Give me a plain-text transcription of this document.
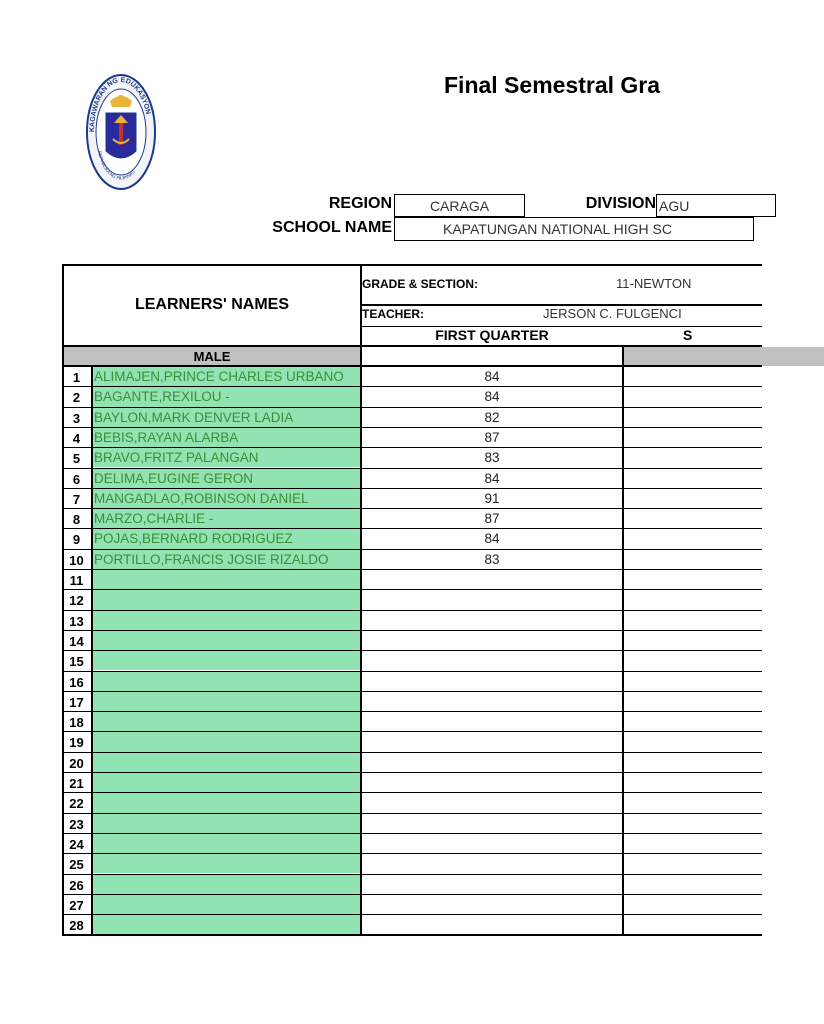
KAGAWARAN NG EDUKASYON
REPUBLIKA NG PILIPINAS
Final Semestral Gra
REGION	CARAGA	DIVISION AGU
SCHOOL NAME	KAPATUNGAN NATIONAL HIGH SC
LEARNERS' NAMES
GRADE & SECTION:	11-NEWTON
TEACHER:	JERSON C. FULGENCI
FIRST QUARTER	S
MALE
1	ALIMAJEN,PRINCE CHARLES URBANO	84
2	BAGANTE,REXILOU -	84
3	BAYLON,MARK DENVER LADIA	82
4	BEBIS,RAYAN ALARBA	87
5	BRAVO,FRITZ PALANGAN	83
6	DELIMA,EUGINE GERON	84
7	MANGADLAO,ROBINSON DANIEL	91
8	MARZO,CHARLIE -	87
9	POJAS,BERNARD RODRIGUEZ	84
10 PORTILLO,FRANCIS JOSIE RIZALDO	83
11
12
13
14
15
16
17
18
19
20
21
22
23
24
25
26
27
28
